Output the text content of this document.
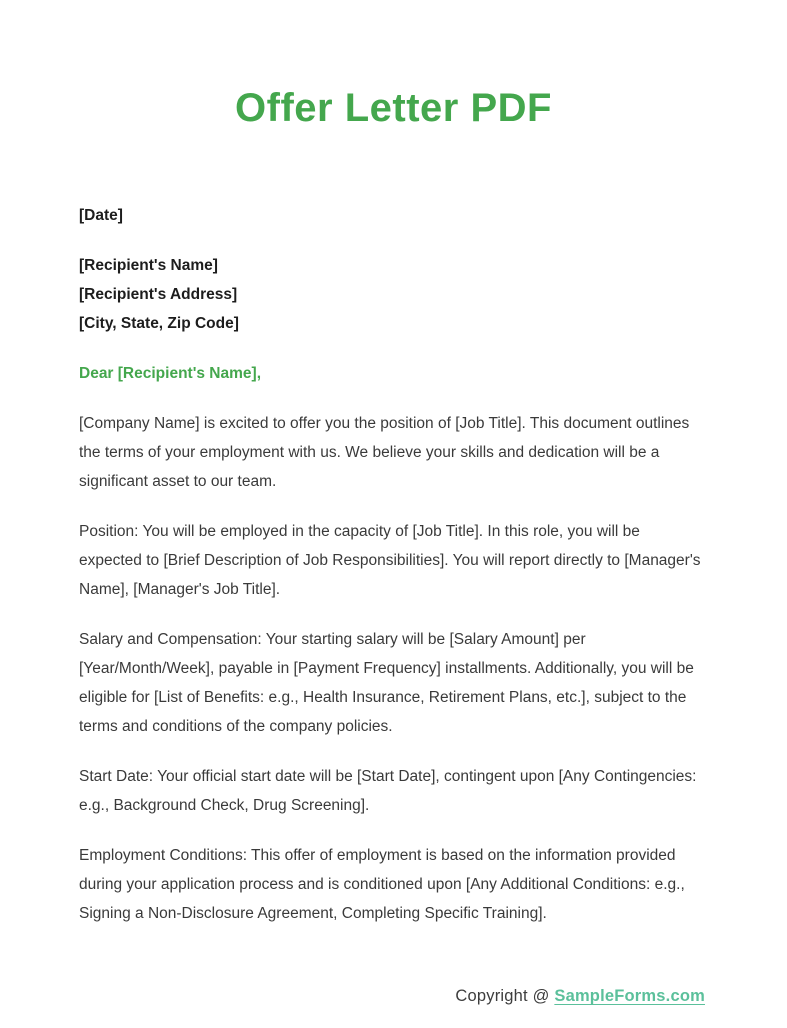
Offer Letter PDF
[Date]
[Recipient's Name]
[Recipient's Address]
[City, State, Zip Code]
Dear [Recipient's Name],

[Company Name] is excited to offer you the position of [Job Title]. This document outlines the terms of your employment with us. We believe your skills and dedication will be a significant asset to our team.

Position: You will be employed in the capacity of [Job Title]. In this role, you will be expected to [Brief Description of Job Responsibilities]. You will report directly to [Manager's Name], [Manager's Job Title].

Salary and Compensation: Your starting salary will be [Salary Amount] per [Year/Month/Week], payable in [Payment Frequency] installments. Additionally, you will be eligible for [List of Benefits: e.g., Health Insurance, Retirement Plans, etc.], subject to the terms and conditions of the company policies.

Start Date: Your official start date will be [Start Date], contingent upon [Any Contingencies: e.g., Background Check, Drug Screening].

Employment Conditions: This offer of employment is based on the information provided during your application process and is conditioned upon [Any Additional Conditions: e.g., Signing a Non-Disclosure Agreement, Completing Specific Training].

Copyright @ SampleForms.com
